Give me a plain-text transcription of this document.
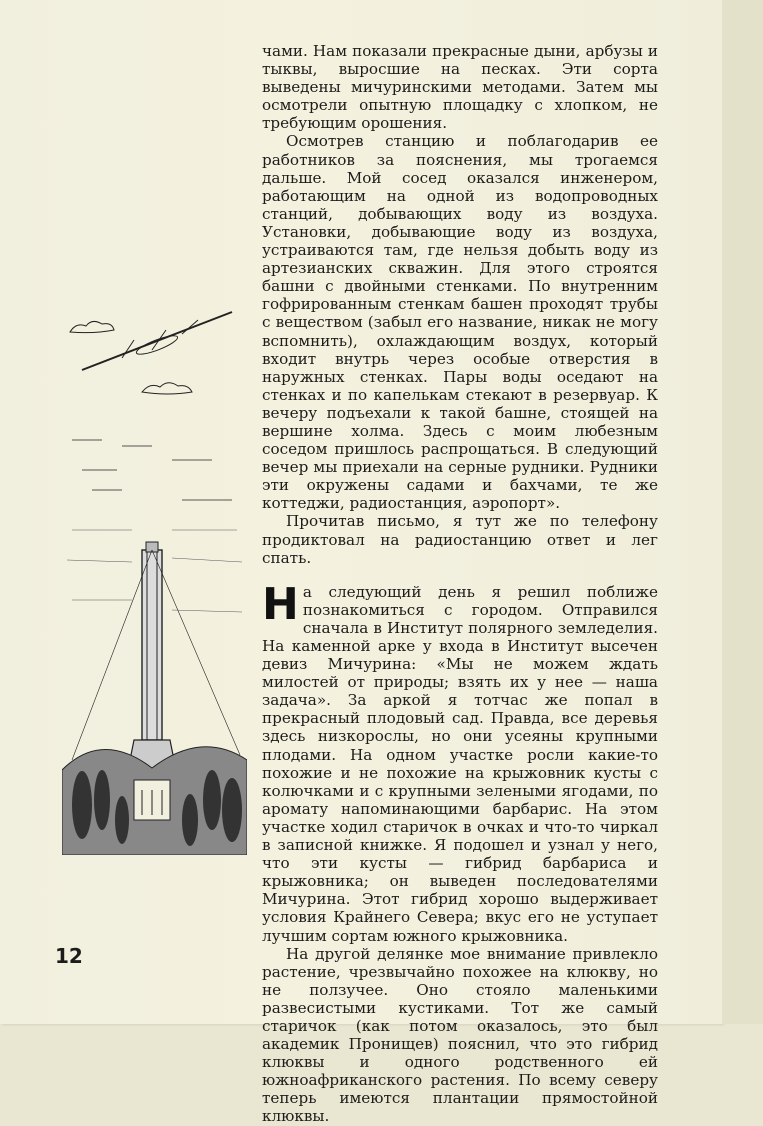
чами. Нам показали прекрасные дыни, арбузы и тыквы, выросшие на песках. Эти сорта выведены мичуринскими методами. Затем мы осмотрели опытную площадку с хлопком, не требующим орошения.

Осмотрев станцию и поблагодарив ее работников за пояснения, мы трогаемся дальше. Мой сосед оказался инженером, работающим на одной из водопроводных станций, добывающих воду из воздуха. Установки, добывающие воду из воздуха, устраиваются там, где нельзя добыть воду из артезианских скважин. Для этого строятся башни с двойными стенками. По внутренним гофрированным стенкам башен проходят трубы с веществом (забыл его название, никак не могу вспомнить), охлаждающим воздух, который входит внутрь через особые отверстия в наружных стенках. Пары воды оседают на стенках и по капелькам стекают в резервуар. К вечеру подъехали к такой башне, стоящей на вершине холма. Здесь с моим любезным соседом пришлось распрощаться. В следующий вечер мы приехали на серные рудники. Рудники эти окружены садами и бахчами, те же коттеджи, радиостанция, аэропорт».

Прочитав письмо, я тут же по телефону продиктовал на радиостанцию ответ и лег спать.

На следующий день я решил поближе познакомиться с городом. Отправился сначала в Институт полярного земледелия. На каменной арке у входа в Институт высечен девиз Мичурина: «Мы не можем ждать милостей от природы; взять их у нее — наша задача». За аркой я тотчас же попал в прекрасный плодовый сад. Правда, все деревья здесь низкорослы, но они усеяны крупными плодами. На одном участке росли какие-то похожие и не похожие на крыжовник кусты с колючками и с крупными зелеными ягодами, по аромату напоминающими барбарис. На этом участке ходил старичок в очках и что-то чиркал в записной книжке. Я подошел и узнал у него, что эти кусты — гибрид барбариса и крыжовника; он выведен последователями Мичурина. Этот гибрид хорошо выдерживает условия Крайнего Севера; вкус его не уступает лучшим сортам южного крыжовника.

На другой делянке мое внимание привлекло растение, чрезвычайно похожее на клюкву, но не ползучее. Оно стояло маленькими развесистыми кустиками. Тот же самый старичок (как потом оказалось, это был академик Пронищев) пояснил, что это гибрид клюквы и одного родственного ей южноафриканского растения. По всему северу теперь имеются плантации прямостойной клюквы.

12
